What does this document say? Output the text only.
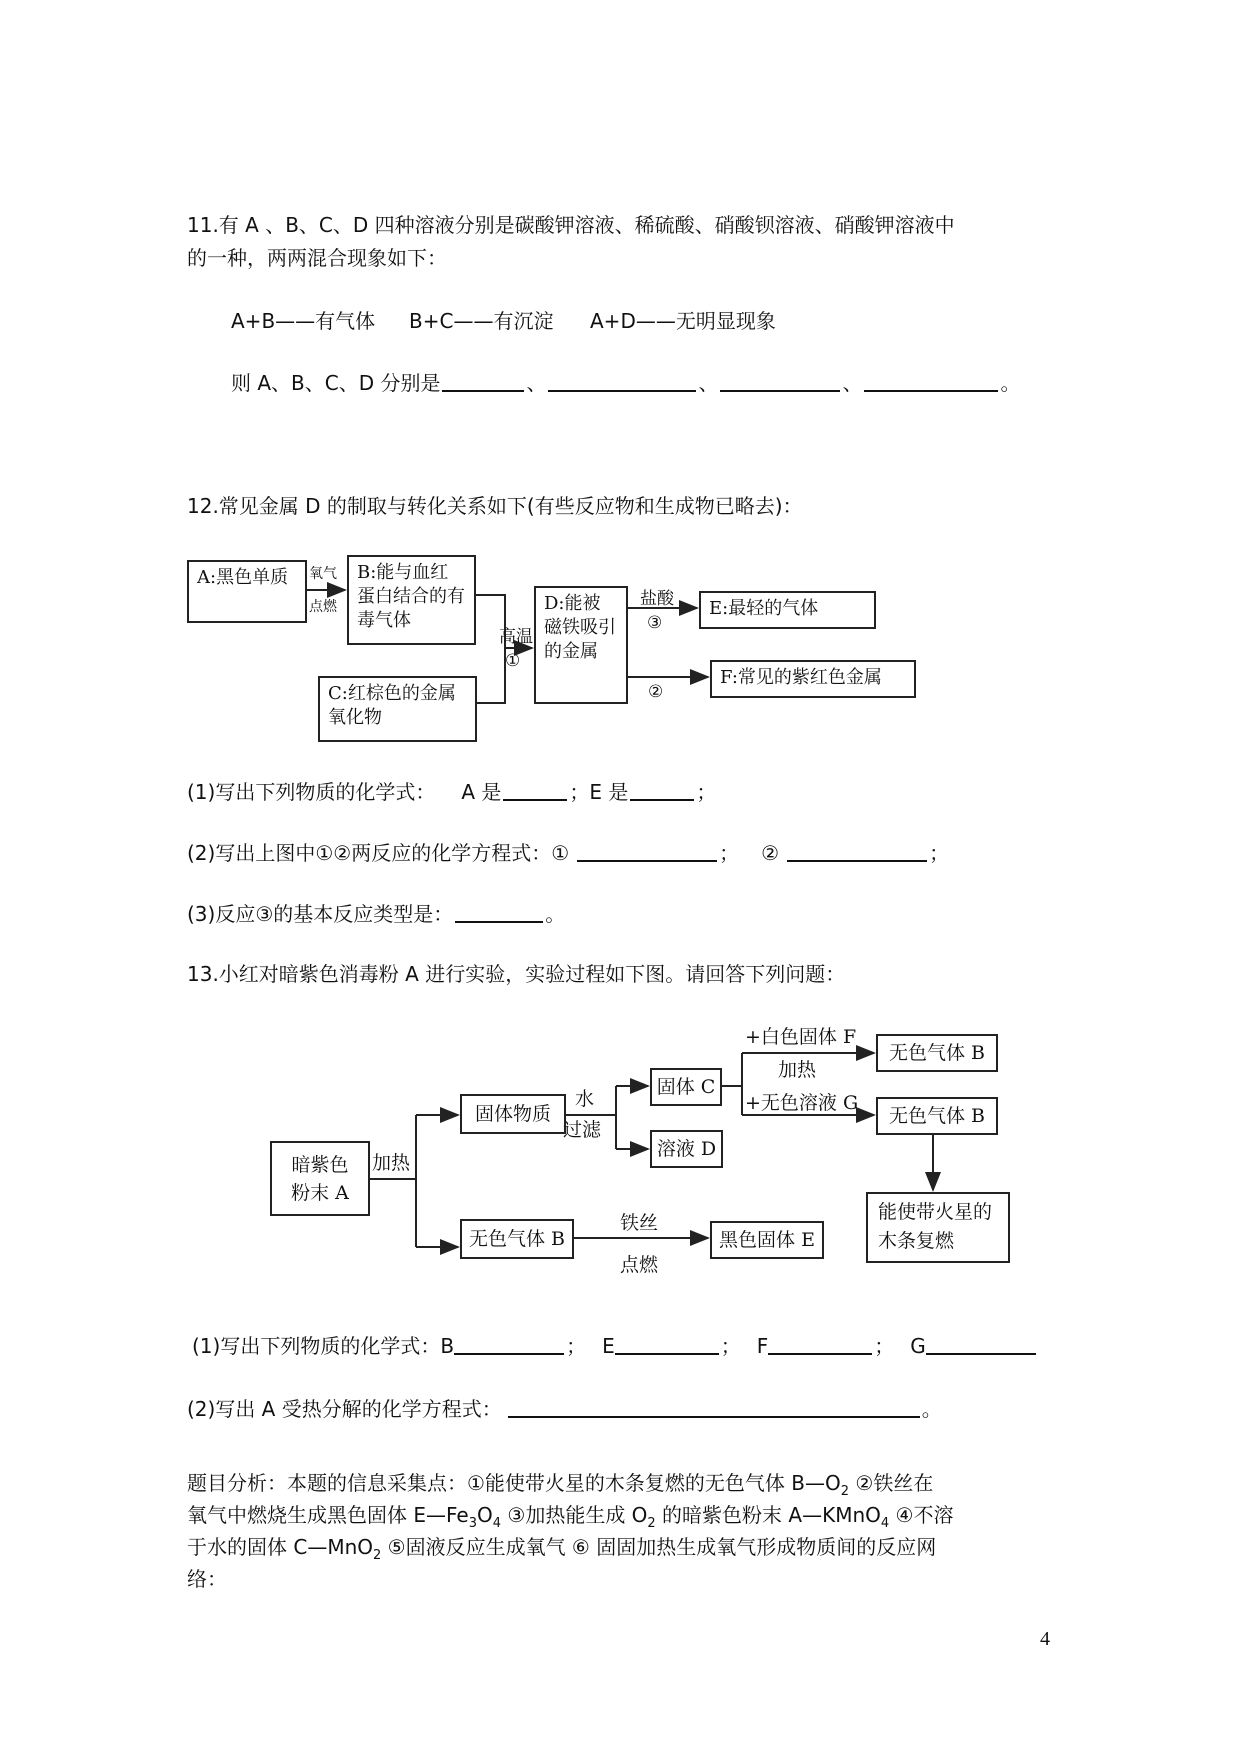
11.有 A 、B、C、D 四种溶液分别是碳酸钾溶液、稀硫酸、硝酸钡溶液、硝酸钾溶液中
的一种，两两混合现象如下：
A+B——有气体 B+C——有沉淀 A+D——无明显现象
则 A、B、C、D 分别是	、	、	、	。
12.常见金属 D 的制取与转化关系如下(有些反应物和生成物已略去)：
A:黑色单质	B:能与血红蛋白结合的有毒气体
C:红棕色的金属氧化物
D:能被磁铁吸引的金属
E:最轻的气体
F:常见的紫红色金属
氧气
点燃
高温
①
盐酸
③
②
(1)写出下列物质的化学式： A 是	；E 是	；
(2)写出上图中①②两反应的化学方程式：①	； ②	；
(3)反应③的基本反应类型是：	。
13.小红对暗紫色消毒粉 A 进行实验，实验过程如下图。请回答下列问题：
暗紫色粉末 A
固体物质
固体 C
溶液 D
无色气体 B
无色气体 B
能使带火星的木条复燃
无色气体 B	黑色固体 E
加热
水
过滤
+白色固体 F
加热
+无色溶液 G
铁丝
点燃
(1)写出下列物质的化学式：B	； E	； F	； G
(2)写出 A 受热分解的化学方程式：	。
题目分析：本题的信息采集点：①能使带火星的木条复燃的无色气体 $B—O_2$ ②铁丝在
氧气中燃烧生成黑色固体 $E—Fe_3O_4$ ③加热能生成 $O_2$ 的暗紫色粉末 A—KMnO$_4$ ④不溶
于水的固体 C—MnO$_2$ ⑤固液反应生成氧气 ⑥ 固固加热生成氧气形成物质间的反应网
络：
4
